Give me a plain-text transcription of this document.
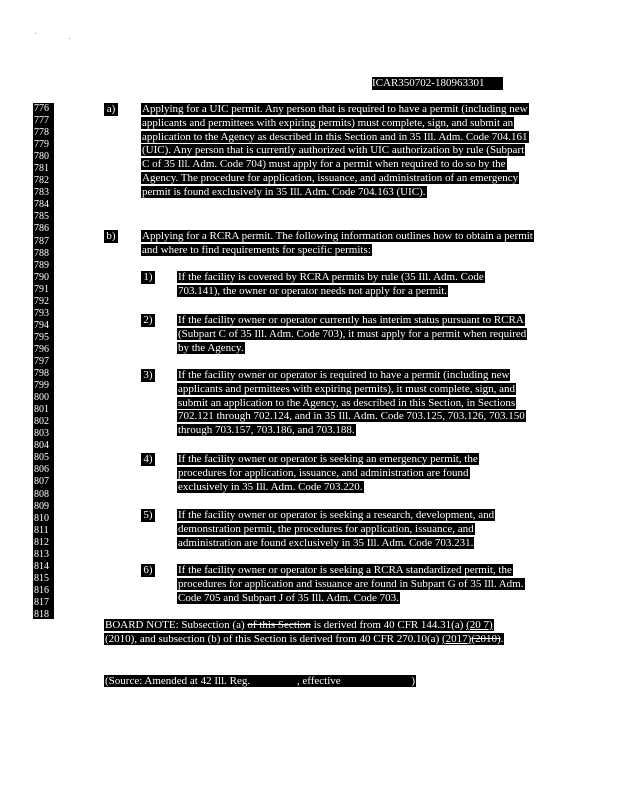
ICAR350702-180963301
776
777
778
779
780
781
782
783
784
785
786
787
788
789
790
791
792
793
794
795
796
797
798
799
800
801
802
803
804
805
806
807
808
809
810
811
812
813
814
815
816
817
818
a) Applying for a UIC permit. Any person that is required to have a permit (including new applicants and permittees with expiring permits) must complete, sign, and submit an application to the Agency as described in this Section and in 35 Ill. Adm. Code 704.161 (UIC). Any person that is currently authorized with UIC authorization by rule (Subpart C of 35 Ill. Adm. Code 704) must apply for a permit when required to do so by the Agency. The procedure for application, issuance, and administration of an emergency permit is found exclusively in 35 Ill. Adm. Code 704.163 (UIC).
b) Applying for a RCRA permit. The following information outlines how to obtain a permit and where to find requirements for specific permits:
1) If the facility is covered by RCRA permits by rule (35 Ill. Adm. Code 703.141), the owner or operator needs not apply for a permit.
2) If the facility owner or operator currently has interim status pursuant to RCRA (Subpart C of 35 Ill. Adm. Code 703), it must apply for a permit when required by the Agency.
3) If the facility owner or operator is required to have a permit (including new applicants and permittees with expiring permits), it must complete, sign, and submit an application to the Agency, as described in this Section, in Sections 702.121 through 702.124, and in 35 Ill. Adm. Code 703.125, 703.126, 703.150 through 703.157, 703.186, and 703.188.
4) If the facility owner or operator is seeking an emergency permit, the procedures for application, issuance, and administration are found exclusively in 35 Ill. Adm. Code 703.220.
5) If the facility owner or operator is seeking a research, development, and demonstration permit, the procedures for application, issuance, and administration are found exclusively in 35 Ill. Adm. Code 703.231.
6) If the facility owner or operator is seeking a RCRA standardized permit, the procedures for application and issuance are found in Subpart G of 35 Ill. Adm. Code 705 and Subpart J of 35 Ill. Adm. Code 703.
BOARD NOTE: Subsection (a) of this Section is derived from 40 CFR 144.31(a) (20 7)(2010), and subsection (b) of this Section is derived from 40 CFR 270.10(a) (2017)(2010).
(Source: Amended at 42 Ill. Reg.	, effective	)
